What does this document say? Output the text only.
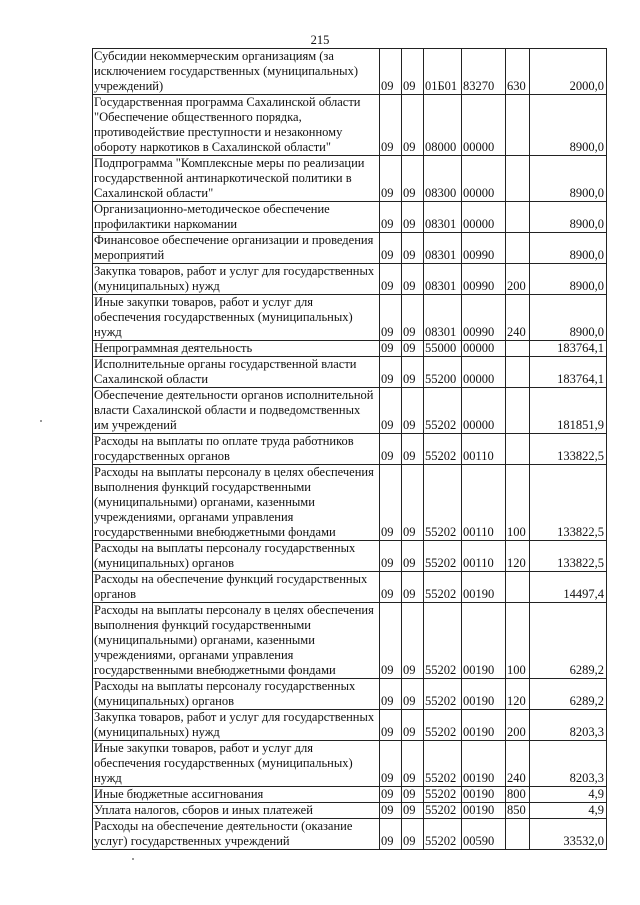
215
Субсидии некоммерческим организациям (за исключением государственных (муниципальных) учреждений)	09	09	01Б01	83270	630	2000,0
Государственная программа Сахалинской области "Обеспечение общественного порядка, противодействие преступности и незаконному обороту наркотиков в Сахалинской области"	09	09	08000	00000		8900,0
Подпрограмма "Комплексные меры по реализации государственной антинаркотической политики в Сахалинской области"	09	09	08300	00000		8900,0
Организационно-методическое обеспечение профилактики наркомании	09	09	08301	00000		8900,0
Финансовое обеспечение организации и проведения мероприятий	09	09	08301	00990		8900,0
Закупка товаров, работ и услуг для государственных (муниципальных) нужд	09	09	08301	00990	200	8900,0
Иные закупки товаров, работ и услуг для обеспечения государственных (муниципальных) нужд	09	09	08301	00990	240	8900,0
Непрограммная деятельность	09	09	55000	00000		183764,1
Исполнительные органы государственной власти Сахалинской области	09	09	55200	00000		183764,1
Обеспечение деятельности органов исполнительной власти Сахалинской области и подведомственных им учреждений	09	09	55202	00000		181851,9
Расходы на выплаты по оплате труда работников государственных органов	09	09	55202	00110		133822,5
Расходы на выплаты персоналу в целях обеспечения выполнения функций государственными (муниципальными) органами, казенными учреждениями, органами управления государственными внебюджетными фондами	09	09	55202	00110	100	133822,5
Расходы на выплаты персоналу государственных (муниципальных) органов	09	09	55202	00110	120	133822,5
Расходы на обеспечение функций государственных органов	09	09	55202	00190		14497,4
Расходы на выплаты персоналу в целях обеспечения выполнения функций государственными (муниципальными) органами, казенными учреждениями, органами управления государственными внебюджетными фондами	09	09	55202	00190	100	6289,2
Расходы на выплаты персоналу государственных (муниципальных) органов	09	09	55202	00190	120	6289,2
Закупка товаров, работ и услуг для государственных (муниципальных) нужд	09	09	55202	00190	200	8203,3
Иные закупки товаров, работ и услуг для обеспечения государственных (муниципальных) нужд	09	09	55202	00190	240	8203,3
Иные бюджетные ассигнования	09	09	55202	00190	800	4,9
Уплата налогов, сборов и иных платежей	09	09	55202	00190	850	4,9
Расходы на обеспечение деятельности (оказание услуг) государственных учреждений	09	09	55202	00590		33532,0
